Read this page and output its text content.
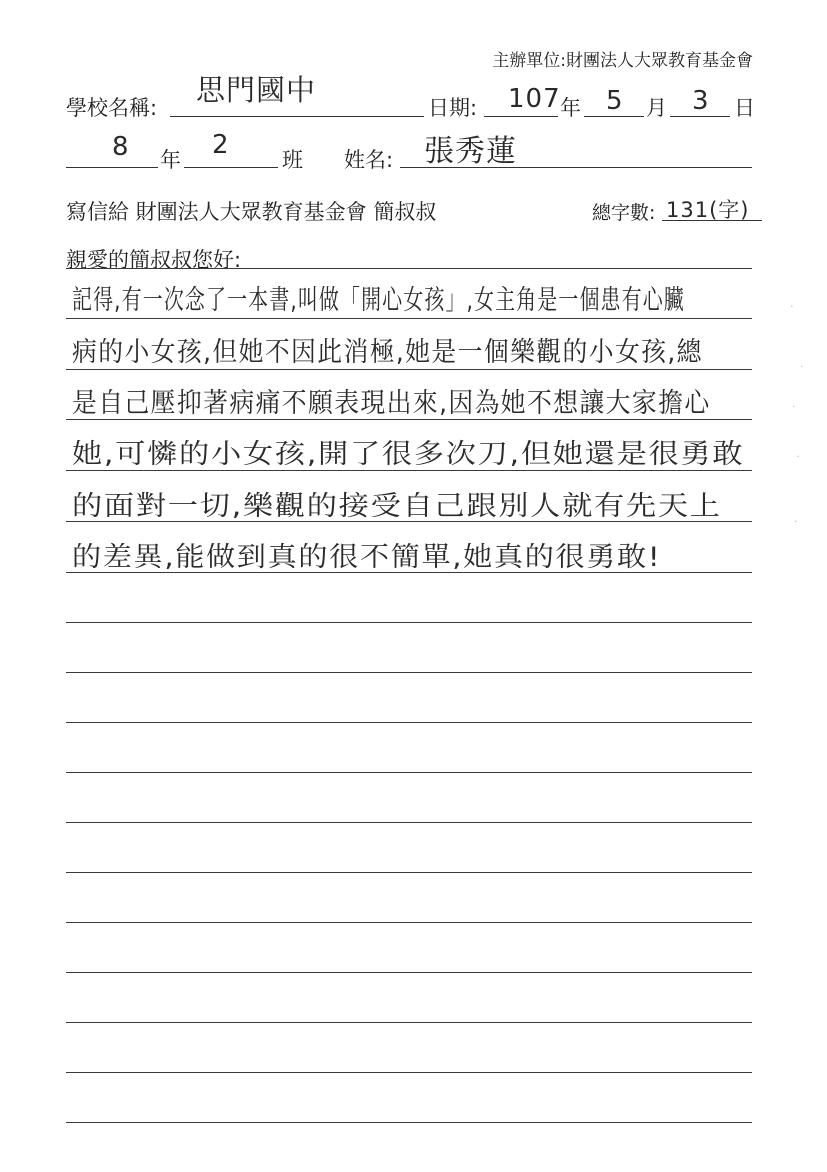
主辦單位:財團法人大眾教育基金會
學校名稱:
思門國中
日期: 107 年 5 月 3 日
8 年 2 班 姓名: 張秀蓮
寫信給 財團法人大眾教育基金會 簡叔叔	總字數: 131(字)
親愛的簡叔叔您好:
記得,有一次念了一本書,叫做「開心女孩」,女主角是一個患有心臟
病的小女孩,但她不因此消極,她是一個樂觀的小女孩,總
是自己壓抑著病痛不願表現出來,因為她不想讓大家擔心
她,可憐的小女孩,開了很多次刀,但她還是很勇敢
的面對一切,樂觀的接受自己跟別人就有先天上
的差異,能做到真的很不簡單,她真的很勇敢!
·
·
·
·
·
